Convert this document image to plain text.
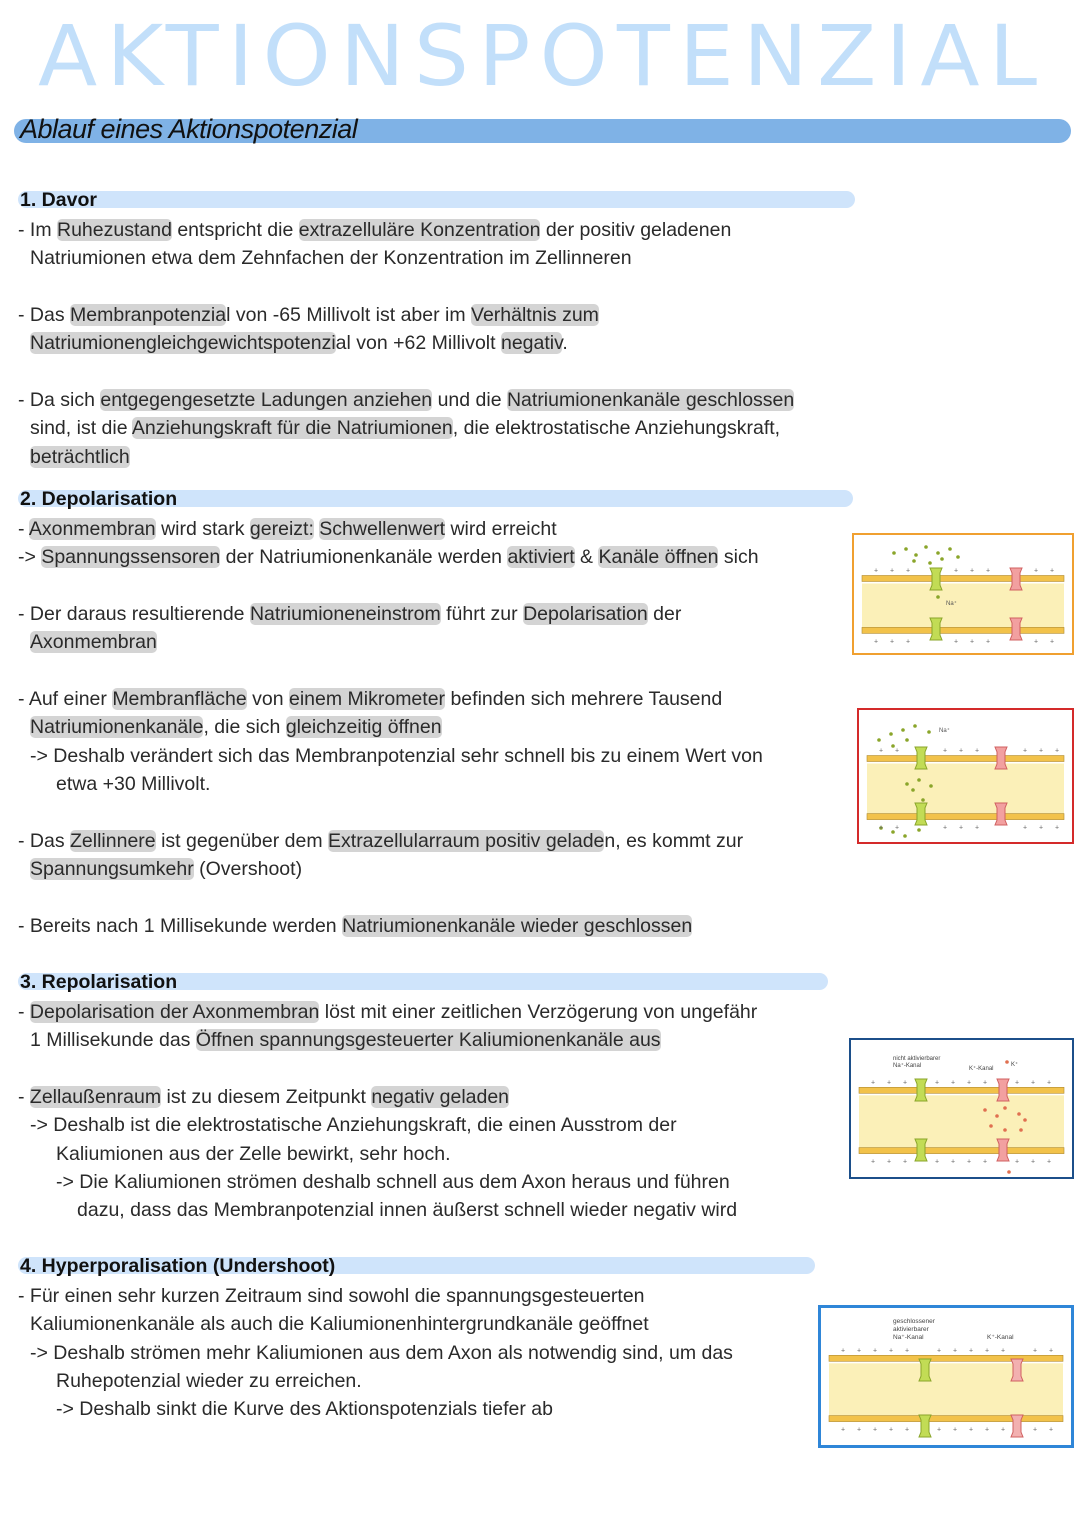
AKTIONSPOTENZIAL
Ablauf eines Aktionspotenzial
1. Davor
- Im Ruhezustand entspricht die extrazelluläre Konzentration der positiv geladenen
Natriumionen etwa dem Zehnfachen der Konzentration im Zellinneren
- Das Membranpotenzial von -65 Millivolt ist aber im Verhältnis zum
Natriumionengleichgewichtspotenzial von +62 Millivolt negativ.
- Da sich entgegengesetzte Ladungen anziehen und die Natriumionenkanäle geschlossen
sind, ist die Anziehungskraft für die Natriumionen, die elektrostatische Anziehungskraft,
beträchtlich
2. Depolarisation
- Axonmembran wird stark gereizt: Schwellenwert wird erreicht
-> Spannungssensoren der Natriumionenkanäle werden aktiviert & Kanäle öffnen sich
- Der daraus resultierende Natriumioneneinstrom führt zur Depolarisation der
Axonmembran
- Auf einer Membranfläche von einem Mikrometer befinden sich mehrere Tausend
Natriumionenkanäle, die sich gleichzeitig öffnen
-> Deshalb verändert sich das Membranpotenzial sehr schnell bis zu einem Wert von
etwa +30 Millivolt.
- Das Zellinnere ist gegenüber dem Extrazellularraum positiv geladen, es kommt zur
Spannungsumkehr (Overshoot)
- Bereits nach 1 Millisekunde werden Natriumionenkanäle wieder geschlossen
3. Repolarisation
- Depolarisation der Axonmembran löst mit einer zeitlichen Verzögerung von ungefähr
1 Millisekunde das Öffnen spannungsgesteuerter Kaliumionenkanäle aus
- Zellaußenraum ist zu diesem Zeitpunkt negativ geladen
-> Deshalb ist die elektrostatische Anziehungskraft, die einen Ausstrom der
Kaliumionen aus der Zelle bewirkt, sehr hoch.
-> Die Kaliumionen strömen deshalb schnell aus dem Axon heraus und führen
dazu, dass das Membranpotenzial innen äußerst schnell wieder negativ wird
4. Hyperporalisation (Undershoot)
- Für einen sehr kurzen Zeitraum sind sowohl die spannungsgesteuerten
Kaliumionenkanäle als auch die Kaliumionenhintergrundkanäle geöffnet
-> Deshalb strömen mehr Kaliumionen aus dem Axon als notwendig sind, um das
Ruhepotenzial wieder zu erreichen.
-> Deshalb sinkt die Kurve des Aktionspotenzials tiefer ab
Na⁺
+
+
+
+
+
+
+
+
+
+
+
+
+
+
+
+
Na⁺
+
+
+
+
+
+
+
+
+
+
+
+
+
+
+
+
nicht aktivierbarer
Na⁺-Kanal	K⁺-Kanal
K⁺
+
+
+
+
+
+
+
+
+
+
+
+
+
+
+
+
+
+
+
+
geschlossener
aktivierbarer
Na⁺-Kanal	K⁺-Kanal
+
+
+
+
+
+
+
+
+
+
+
+
+
+
+
+
+
+
+
+
+
+
+
+
